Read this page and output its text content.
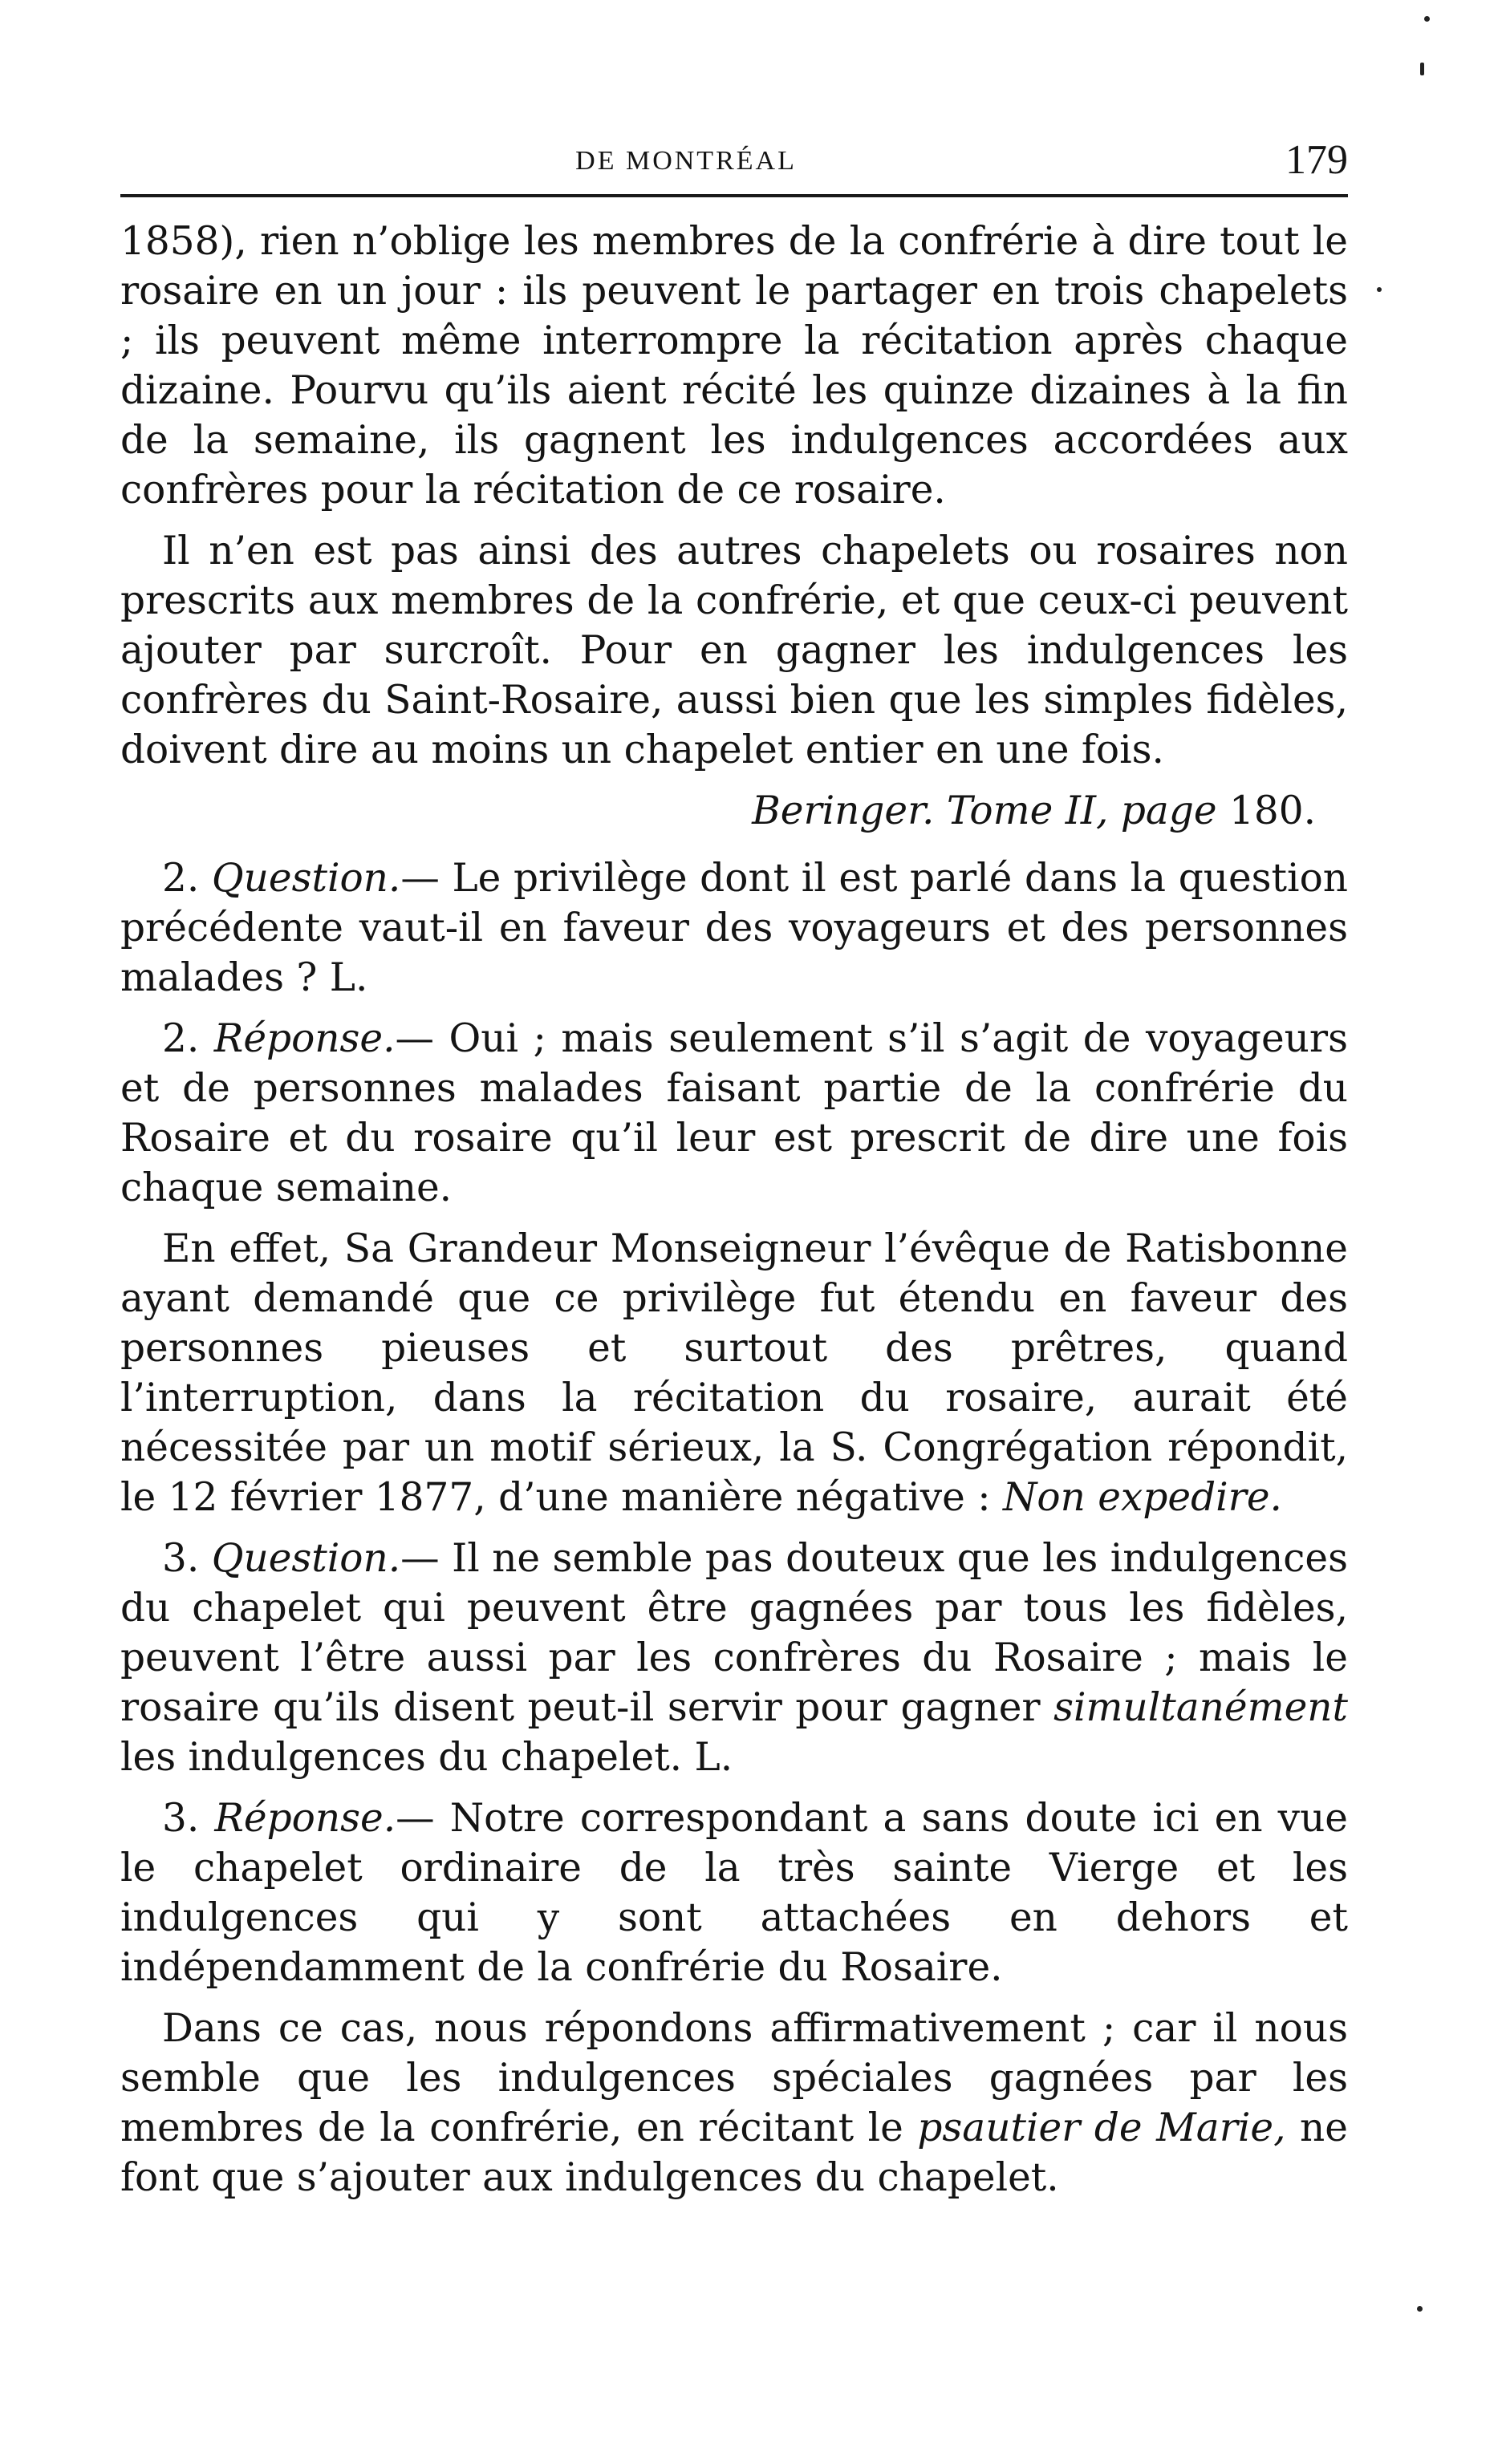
DE MONTRÉAL	179

1858), rien n’oblige les membres de la confrérie à dire tout le rosaire en un jour : ils peuvent le partager en trois chapelets ; ils peuvent même interrompre la récitation après chaque dizaine. Pourvu qu’ils aient récité les quinze dizaines à la fin de la semaine, ils gagnent les indulgences accordées aux confrères pour la récitation de ce rosaire.

Il n’en est pas ainsi des autres chapelets ou rosaires non prescrits aux membres de la confrérie, et que ceux-ci peuvent ajouter par surcroît. Pour en gagner les indulgences les confrères du Saint-Rosaire, aussi bien que les simples fidèles, doivent dire au moins un chapelet entier en une fois.

Beringer. Tome II, page 180.

2. Question.— Le privilège dont il est parlé dans la question précédente vaut-il en faveur des voyageurs et des personnes malades ? L.

2. Réponse.— Oui ; mais seulement s’il s’agit de voyageurs et de personnes malades faisant partie de la confrérie du Rosaire et du rosaire qu’il leur est prescrit de dire une fois chaque semaine.

En effet, Sa Grandeur Monseigneur l’évêque de Ratisbonne ayant demandé que ce privilège fut étendu en faveur des personnes pieuses et surtout des prêtres, quand l’interruption, dans la récitation du rosaire, aurait été nécessitée par un motif sérieux, la S. Congrégation répondit, le 12 février 1877, d’une manière négative : Non expedire.

3. Question.— Il ne semble pas douteux que les indulgences du chapelet qui peuvent être gagnées par tous les fidèles, peuvent l’être aussi par les confrères du Rosaire ; mais le rosaire qu’ils disent peut-il servir pour gagner simultanément les indulgences du chapelet. L.

3. Réponse.— Notre correspondant a sans doute ici en vue le chapelet ordinaire de la très sainte Vierge et les indulgences qui y sont attachées en dehors et indépendamment de la confrérie du Rosaire.

Dans ce cas, nous répondons affirmativement ; car il nous semble que les indulgences spéciales gagnées par les membres de la confrérie, en récitant le psautier de Marie, ne font que s’ajouter aux indulgences du chapelet.
